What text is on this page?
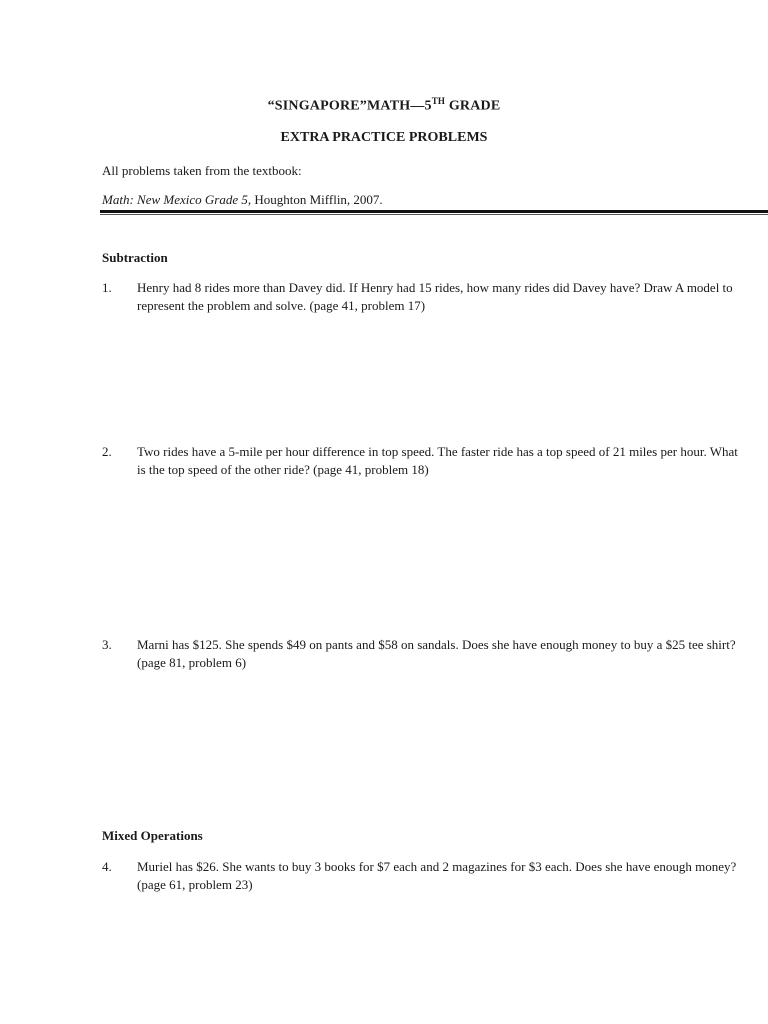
“SINGAPORE”MATH—5TH GRADE
EXTRA PRACTICE PROBLEMS
All problems taken from the textbook:
Math: New Mexico Grade 5, Houghton Mifflin, 2007.
Subtraction
1.	Henry had 8 rides more than Davey did. If Henry had 15 rides, how many rides did Davey have? Draw A model to represent the problem and solve. (page 41, problem 17)
2.	Two rides have a 5-mile per hour difference in top speed. The faster ride has a top speed of 21 miles per hour. What is the top speed of the other ride? (page 41, problem 18)
3.	Marni has $125. She spends $49 on pants and $58 on sandals. Does she have enough money to buy a $25 tee shirt? (page 81, problem 6)
Mixed Operations
4.	Muriel has $26. She wants to buy 3 books for $7 each and 2 magazines for $3 each. Does she have enough money? (page 61, problem 23)
